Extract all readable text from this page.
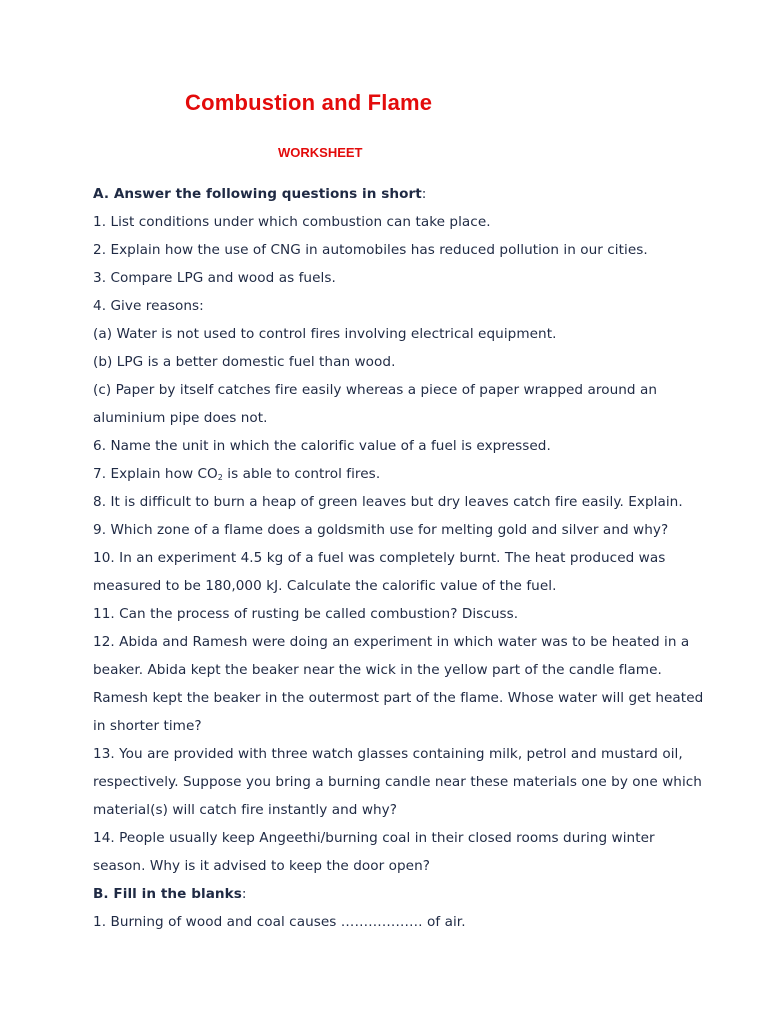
Combustion and Flame
WORKSHEET
A. Answer the following questions in short:
1. List conditions under which combustion can take place.
2. Explain how the use of CNG in automobiles has reduced pollution in our cities.
3. Compare LPG and wood as fuels.
4. Give reasons:
(a) Water is not used to control fires involving electrical equipment.
(b) LPG is a better domestic fuel than wood.
(c) Paper by itself catches fire easily whereas a piece of paper wrapped around an
aluminium pipe does not.
6. Name the unit in which the calorific value of a fuel is expressed.
7. Explain how $CO_2$ is able to control fires.
8. It is difficult to burn a heap of green leaves but dry leaves catch fire easily. Explain.
9. Which zone of a flame does a goldsmith use for melting gold and silver and why?
10. In an experiment 4.5 kg of a fuel was completely burnt. The heat produced was
measured to be 180,000 kJ. Calculate the calorific value of the fuel.
11. Can the process of rusting be called combustion? Discuss.
12. Abida and Ramesh were doing an experiment in which water was to be heated in a
beaker. Abida kept the beaker near the wick in the yellow part of the candle flame.
Ramesh kept the beaker in the outermost part of the flame. Whose water will get heated
in shorter time?
13. You are provided with three watch glasses containing milk, petrol and mustard oil,
respectively. Suppose you bring a burning candle near these materials one by one which
material(s) will catch fire instantly and why?
14. People usually keep Angeethi/burning coal in their closed rooms during winter
season. Why is it advised to keep the door open?
B. Fill in the blanks:
1. Burning of wood and coal causes ……………… of air.
